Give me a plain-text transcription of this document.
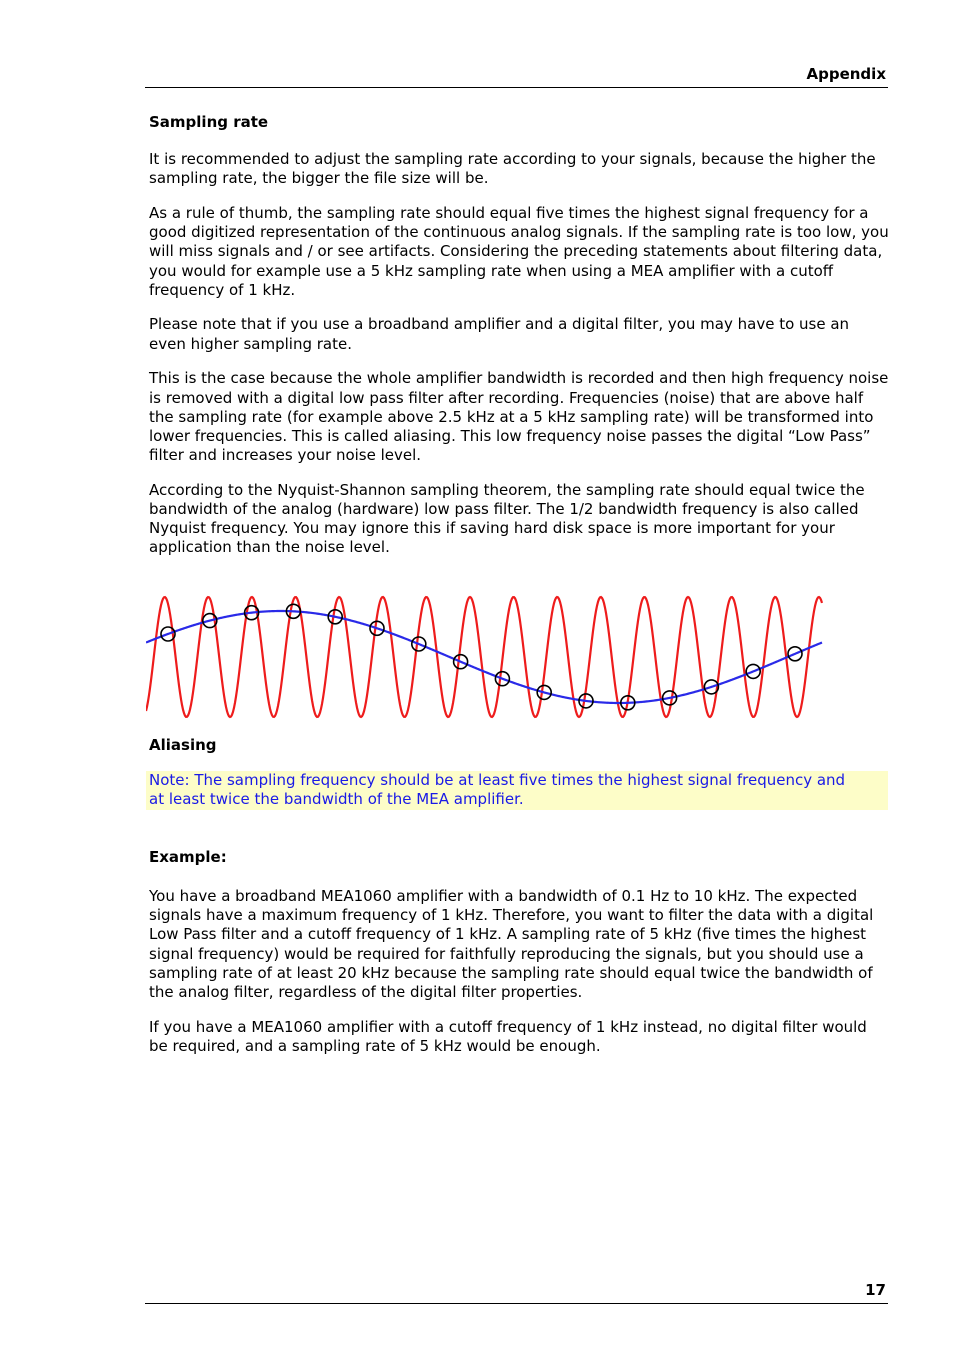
Appendix
Sampling rate

It is recommended to adjust the sampling rate according to your signals, because the higher the sampling rate, the bigger the file size will be.

As a rule of thumb, the sampling rate should equal five times the highest signal frequency for a good digitized representation of the continuous analog signals. If the sampling rate is too low, you will miss signals and / or see artifacts. Considering the preceding statements about filtering data, you would for example use a 5 kHz sampling rate when using a MEA amplifier with a cutoff frequency of 1 kHz.

Please note that if you use a broadband amplifier and a digital filter, you may have to use an even higher sampling rate.

This is the case because the whole amplifier bandwidth is recorded and then high frequency noise is removed with a digital low pass filter after recording. Frequencies (noise) that are above half the sampling rate (for example above 2.5 kHz at a 5 kHz sampling rate) will be transformed into lower frequencies. This is called aliasing. This low frequency noise passes the digital “Low Pass” filter and increases your noise level.

According to the Nyquist-Shannon sampling theorem, the sampling rate should equal twice the bandwidth of the analog (hardware) low pass filter. The 1/2 bandwidth frequency is also called Nyquist frequency. You may ignore this if saving hard disk space is more important for your application than the noise level.

Aliasing
Note: The sampling frequency should be at least five times the highest signal frequency and
at least twice the bandwidth of the MEA amplifier.
Example:

You have a broadband MEA1060 amplifier with a bandwidth of 0.1 Hz to 10 kHz. The expected signals have a maximum frequency of 1 kHz. Therefore, you want to filter the data with a digital Low Pass filter and a cutoff frequency of 1 kHz. A sampling rate of 5 kHz (five times the highest signal frequency) would be required for faithfully reproducing the signals, but you should use a sampling rate of at least 20 kHz because the sampling rate should equal twice the bandwidth of the analog filter, regardless of the digital filter properties.

If you have a MEA1060 amplifier with a cutoff frequency of 1 kHz instead, no digital filter would be required, and a sampling rate of 5 kHz would be enough.

17
